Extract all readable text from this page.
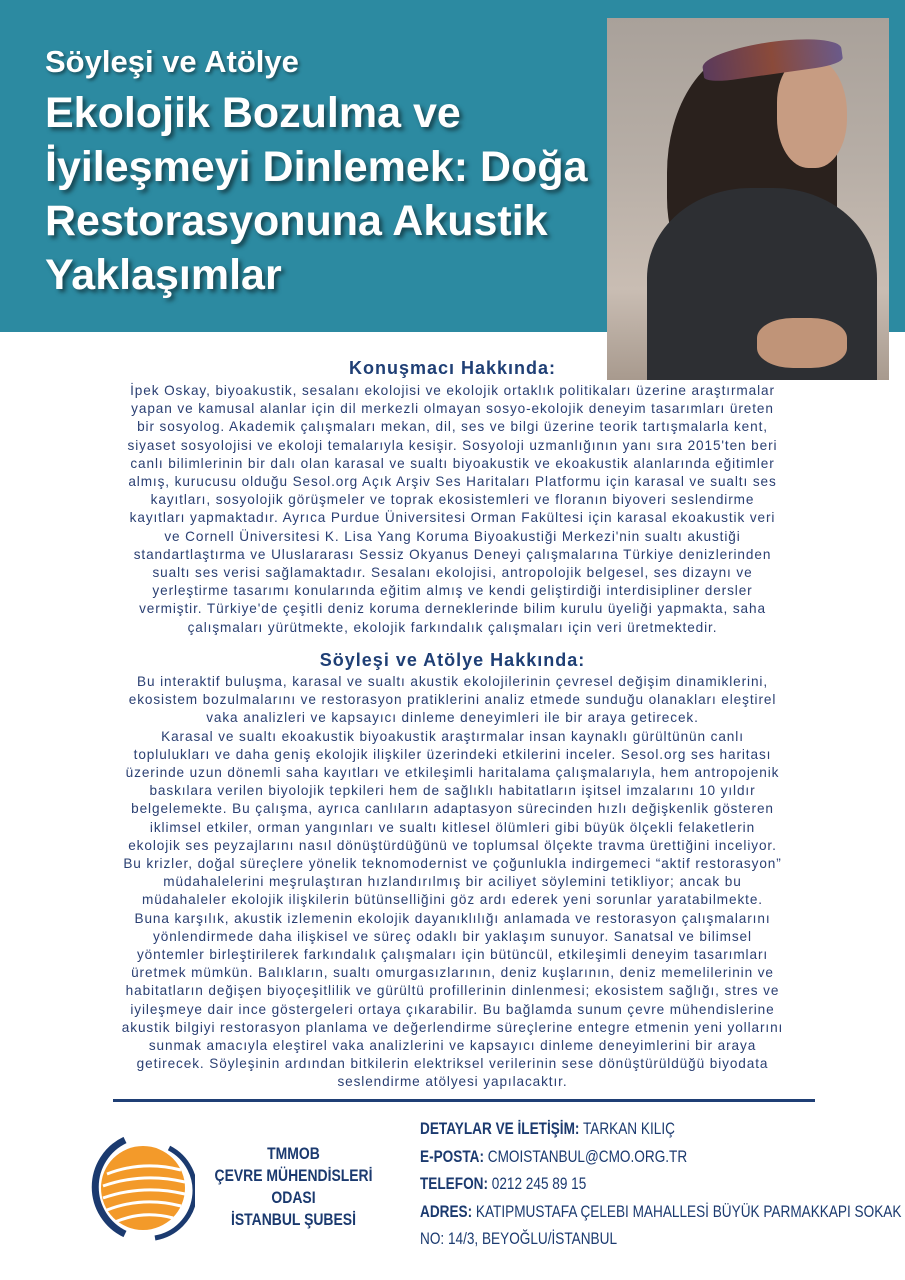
Söyleşi ve Atölye
Ekolojik Bozulma ve
İyileşmeyi Dinlemek: Doğa
Restorasyonuna Akustik
Yaklaşımlar
Konuşmacı Hakkında:
İpek Oskay, biyoakustik, sesalanı ekolojisi ve ekolojik ortaklık politikaları üzerine araştırmalar
yapan ve kamusal alanlar için dil merkezli olmayan sosyo-ekolojik deneyim tasarımları üreten
bir sosyolog. Akademik çalışmaları mekan, dil, ses ve bilgi üzerine teorik tartışmalarla kent,
siyaset sosyolojisi ve ekoloji temalarıyla kesişir. Sosyoloji uzmanlığının yanı sıra 2015'ten beri
canlı bilimlerinin bir dalı olan karasal ve sualtı biyoakustik ve ekoakustik alanlarında eğitimler
almış, kurucusu olduğu Sesol.org Açık Arşiv Ses Haritaları Platformu için karasal ve sualtı ses
kayıtları, sosyolojik görüşmeler ve toprak ekosistemleri ve floranın biyoveri seslendirme
kayıtları yapmaktadır. Ayrıca Purdue Üniversitesi Orman Fakültesi için karasal ekoakustik veri
ve Cornell Üniversitesi K. Lisa Yang Koruma Biyoakustiği Merkezi'nin sualtı akustiği
standartlaştırma ve Uluslararası Sessiz Okyanus Deneyi çalışmalarına Türkiye denizlerinden
sualtı ses verisi sağlamaktadır. Sesalanı ekolojisi, antropolojik belgesel, ses dizaynı ve
yerleştirme tasarımı konularında eğitim almış ve kendi geliştirdiği interdisipliner dersler
vermiştir. Türkiye'de çeşitli deniz koruma derneklerinde bilim kurulu üyeliği yapmakta, saha
çalışmaları yürütmekte, ekolojik farkındalık çalışmaları için veri üretmektedir.
Söyleşi ve Atölye Hakkında:
Bu interaktif buluşma, karasal ve sualtı akustik ekolojilerinin çevresel değişim dinamiklerini,
ekosistem bozulmalarını ve restorasyon pratiklerini analiz etmede sunduğu olanakları eleştirel
vaka analizleri ve kapsayıcı dinleme deneyimleri ile bir araya getirecek.
Karasal ve sualtı ekoakustik biyoakustik araştırmalar insan kaynaklı gürültünün canlı
toplulukları ve daha geniş ekolojik ilişkiler üzerindeki etkilerini inceler. Sesol.org ses haritası
üzerinde uzun dönemli saha kayıtları ve etkileşimli haritalama çalışmalarıyla, hem antropojenik
baskılara verilen biyolojik tepkileri hem de sağlıklı habitatların işitsel imzalarını 10 yıldır
belgelemekte. Bu çalışma, ayrıca canlıların adaptasyon sürecinden hızlı değişkenlik gösteren
iklimsel etkiler, orman yangınları ve sualtı kitlesel ölümleri gibi büyük ölçekli felaketlerin
ekolojik ses peyzajlarını nasıl dönüştürdüğünü ve toplumsal ölçekte travma ürettiğini inceliyor.
Bu krizler, doğal süreçlere yönelik teknomodernist ve çoğunlukla indirgemeci “aktif restorasyon”
müdahalelerini meşrulaştıran hızlandırılmış bir aciliyet söylemini tetikliyor; ancak bu
müdahaleler ekolojik ilişkilerin bütünselliğini göz ardı ederek yeni sorunlar yaratabilmekte.
Buna karşılık, akustik izlemenin ekolojik dayanıklılığı anlamada ve restorasyon çalışmalarını
yönlendirmede daha ilişkisel ve süreç odaklı bir yaklaşım sunuyor. Sanatsal ve bilimsel
yöntemler birleştirilerek farkındalık çalışmaları için bütüncül, etkileşimli deneyim tasarımları
üretmek mümkün. Balıkların, sualtı omurgasızlarının, deniz kuşlarının, deniz memelilerinin ve
habitatların değişen biyoçeşitlilik ve gürültü profillerinin dinlenmesi; ekosistem sağlığı, stres ve
iyileşmeye dair ince göstergeleri ortaya çıkarabilir. Bu bağlamda sunum çevre mühendislerine
akustik bilgiyi restorasyon planlama ve değerlendirme süreçlerine entegre etmenin yeni yollarını
sunmak amacıyla eleştirel vaka analizlerini ve kapsayıcı dinleme deneyimlerini bir araya
getirecek. Söyleşinin ardından bitkilerin elektriksel verilerinin sese dönüştürüldüğü biyodata
seslendirme atölyesi yapılacaktır.
TMMOB
ÇEVRE MÜHENDİSLERİ ODASI
İSTANBUL ŞUBESİ
DETAYLAR VE İLETİŞİM: TARKAN KILIÇ
E-POSTA: CMOISTANBUL@CMO.ORG.TR
TELEFON: 0212 245 89 15
ADRES: KATIPMUSTAFA ÇELEBI MAHALLESİ BÜYÜK PARMAKKAPI SOKAK
NO: 14/3, BEYOĞLU/İSTANBUL
